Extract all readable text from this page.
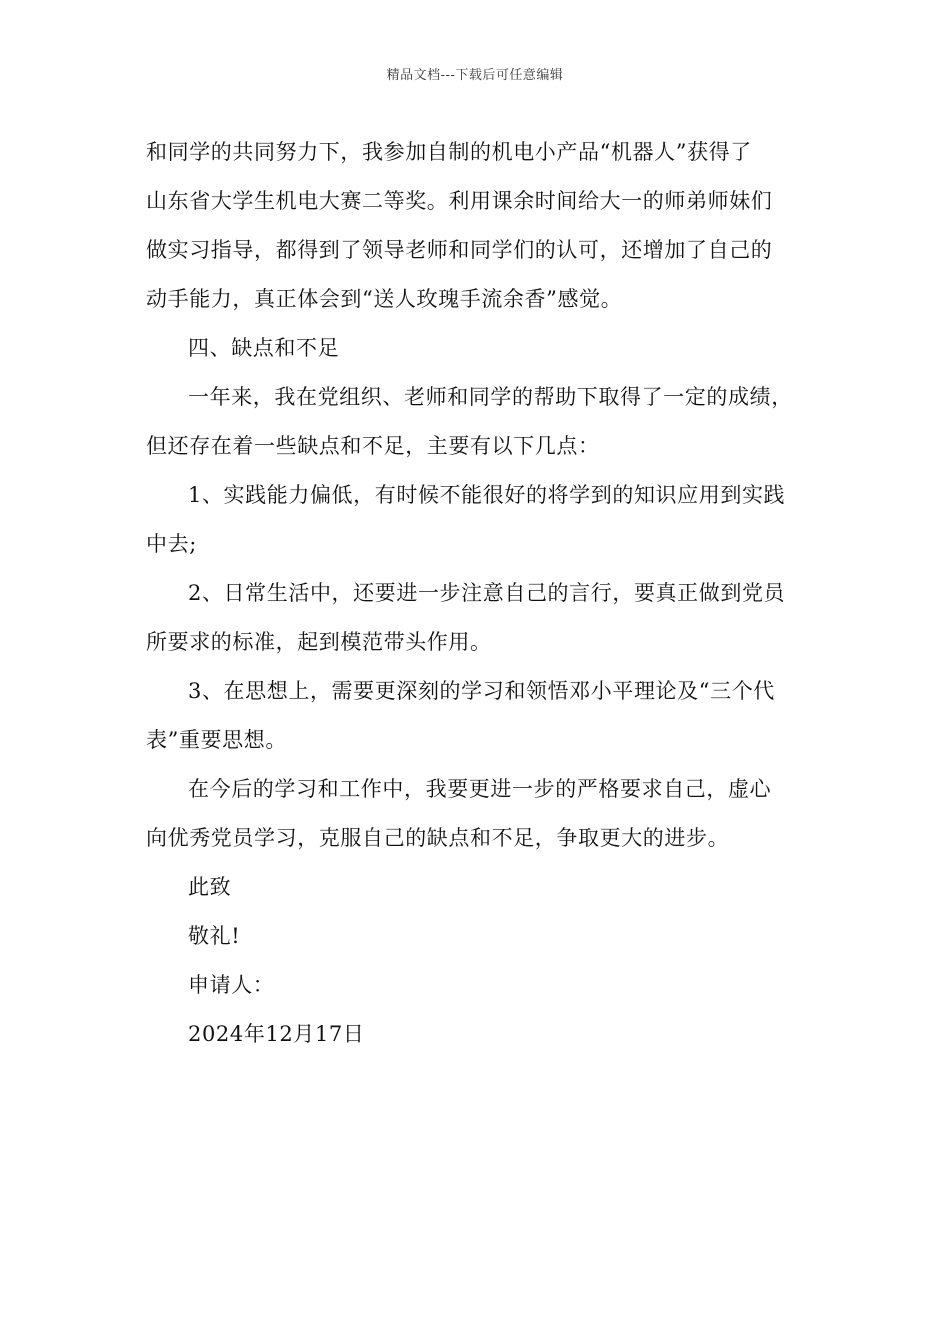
精品文档---下载后可任意编辑

和同学的共同努力下，我参加自制的机电小产品“机器人”获得了

山东省大学生机电大赛二等奖。利用课余时间给大一的师弟师妹们

做实习指导，都得到了领导老师和同学们的认可，还增加了自己的

动手能力，真正体会到“送人玫瑰手流余香”感觉。

四、缺点和不足

一年来，我在党组织、老师和同学的帮助下取得了一定的成绩，

但还存在着一些缺点和不足，主要有以下几点：

1、实践能力偏低，有时候不能很好的将学到的知识应用到实践

中去;

2、日常生活中，还要进一步注意自己的言行，要真正做到党员

所要求的标准，起到模范带头作用。

3、在思想上，需要更深刻的学习和领悟邓小平理论及“三个代

表”重要思想。

在今后的学习和工作中，我要更进一步的严格要求自己，虚心

向优秀党员学习，克服自己的缺点和不足，争取更大的进步。

此致

敬礼!

申请人：

2024年12月17日
